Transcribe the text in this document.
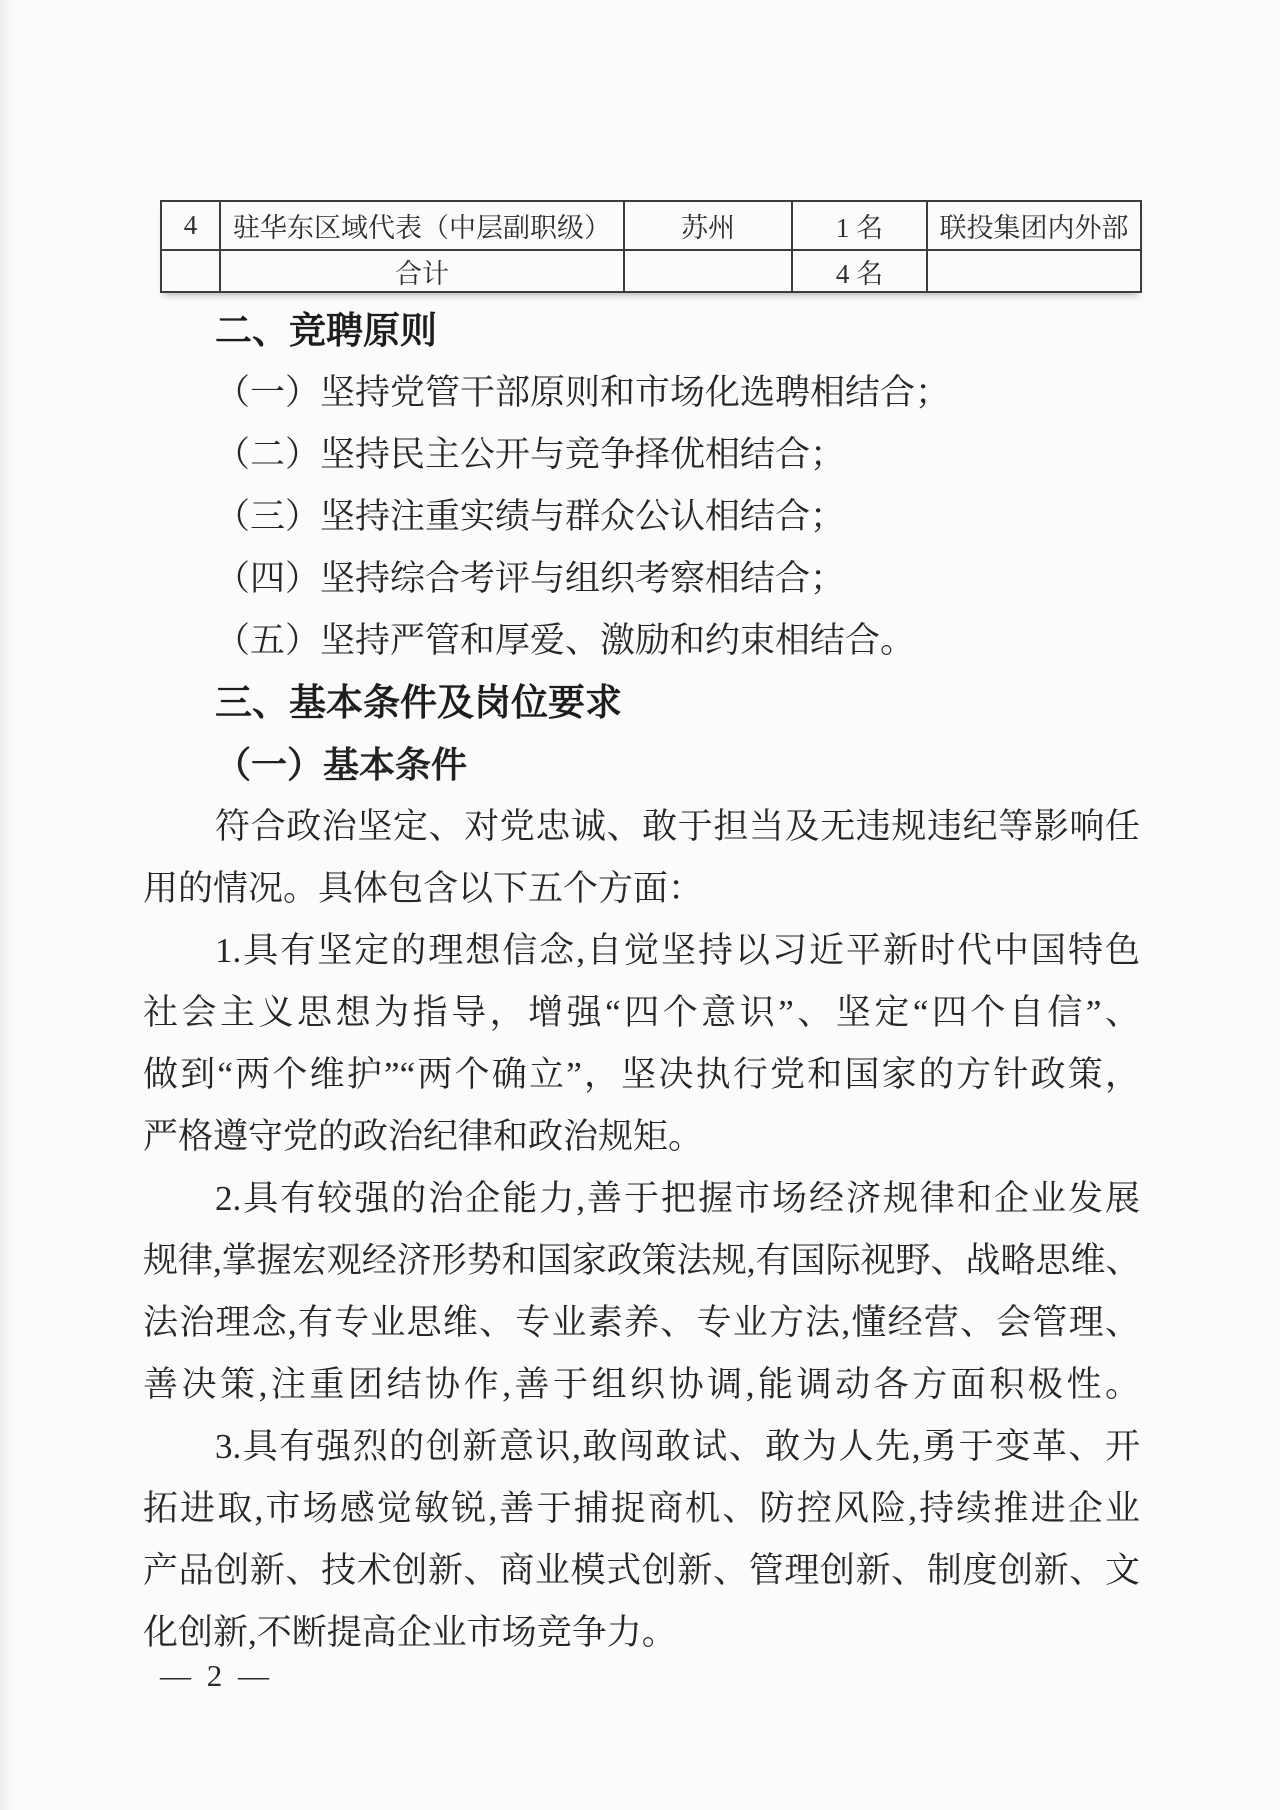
4	驻华东区域代表（中层副职级）	苏州	1 名	联投集团内外部
	合计		4 名	
二、竞聘原则
（一）坚持党管干部原则和市场化选聘相结合；
（二）坚持民主公开与竞争择优相结合；
（三）坚持注重实绩与群众公认相结合；
（四）坚持综合考评与组织考察相结合；
（五）坚持严管和厚爱、激励和约束相结合。
三、基本条件及岗位要求
（一）基本条件
符合政治坚定、对党忠诚、敢于担当及无违规违纪等影响任
用的情况。具体包含以下五个方面：
1.具有坚定的理想信念,自觉坚持以习近平新时代中国特色
社会主义思想为指导，增强“四个意识”、坚定“四个自信”、
做到“两个维护”“两个确立”，坚决执行党和国家的方针政策，
严格遵守党的政治纪律和政治规矩。
2.具有较强的治企能力,善于把握市场经济规律和企业发展
规律,掌握宏观经济形势和国家政策法规,有国际视野、战略思维、
法治理念,有专业思维、专业素养、专业方法,懂经营、会管理、
善决策,注重团结协作,善于组织协调,能调动各方面积极性。
3.具有强烈的创新意识,敢闯敢试、敢为人先,勇于变革、开
拓进取,市场感觉敏锐,善于捕捉商机、防控风险,持续推进企业
产品创新、技术创新、商业模式创新、管理创新、制度创新、文
化创新,不断提高企业市场竞争力。
— 2 —
